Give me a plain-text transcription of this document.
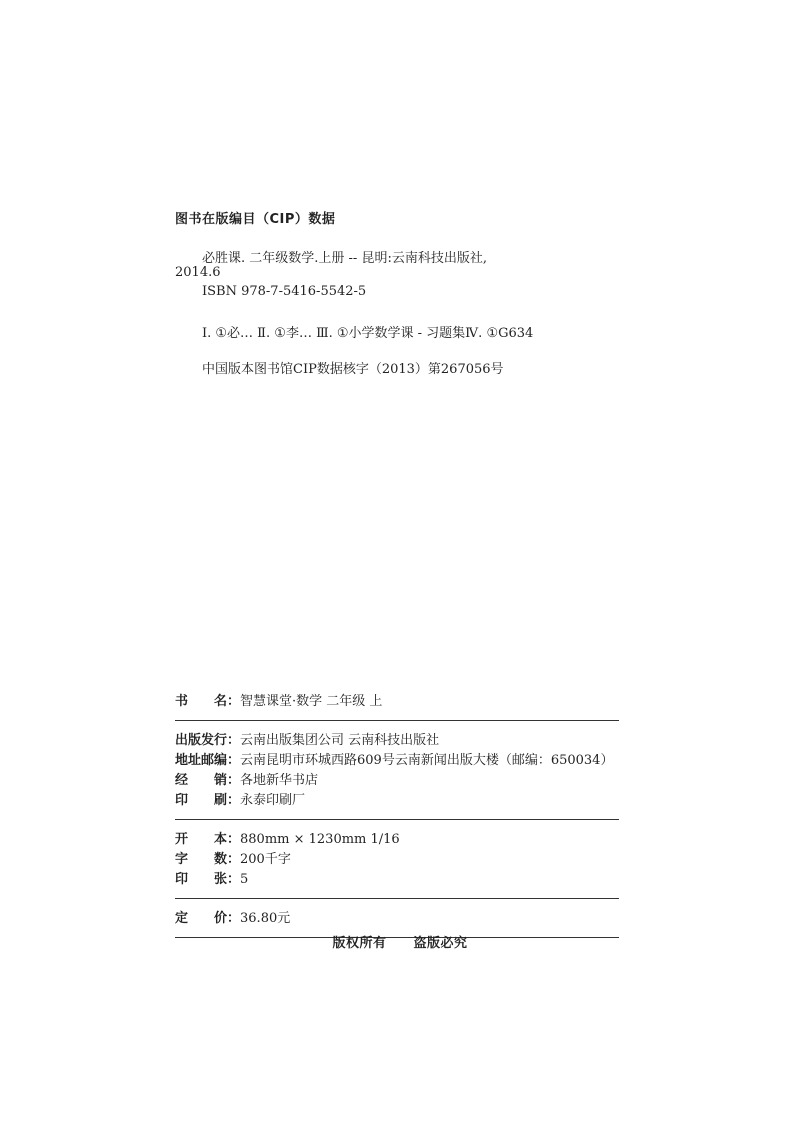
图书在版编目（CIP）数据
必胜课. 二年级数学.上册 -- 昆明:云南科技出版社,
2014.6
ISBN 978-7-5416-5542-5
Ⅰ. ①必… Ⅱ. ①李… Ⅲ. ①小学数学课 - 习题集Ⅳ. ①G634
中国版本图书馆CIP数据核字（2013）第267056号
书　　名： 智慧课堂·数学 二年级 上
出版发行： 云南出版集团公司 云南科技出版社
地址邮编： 云南昆明市环城西路609号云南新闻出版大楼（邮编：650034）
经　　销： 各地新华书店
印　　刷： 永泰印刷厂
开　　本： 880mm × 1230mm 1/16
字　　数： 200千字
印　　张： 5
定　　价： 36.80元
版权所有　　盗版必究
